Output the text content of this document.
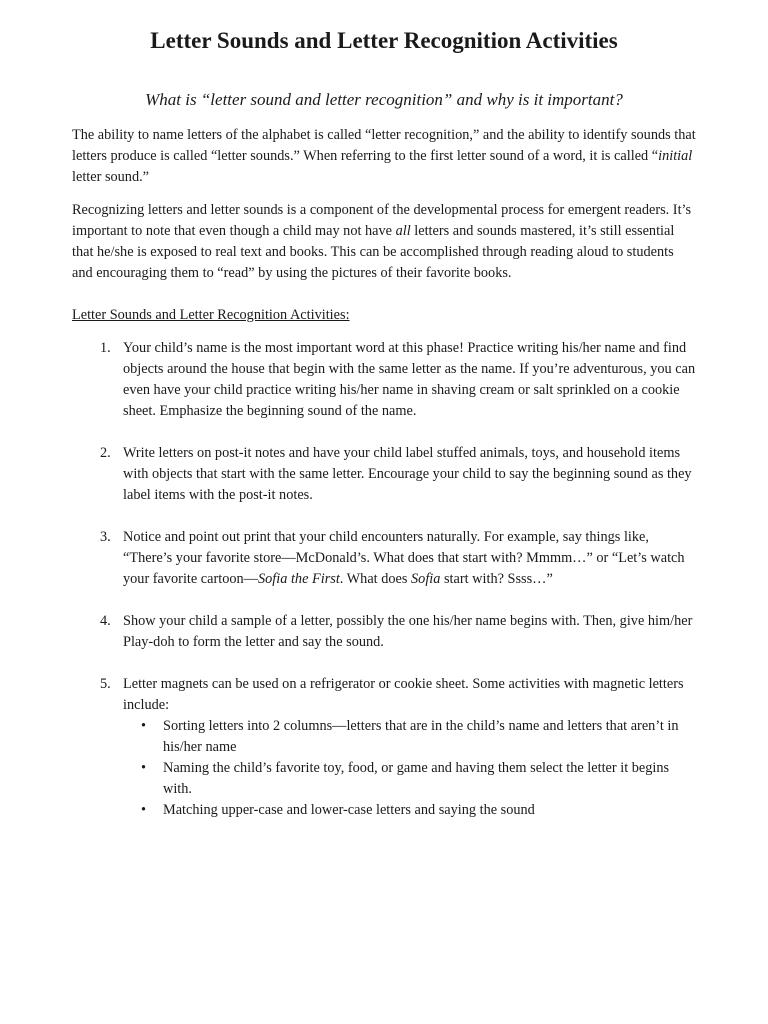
Letter Sounds and Letter Recognition Activities
What is “letter sound and letter recognition” and why is it important?

The ability to name letters of the alphabet is called “letter recognition,” and the ability to identify sounds that letters produce is called “letter sounds.” When referring to the first letter sound of a word, it is called “initial letter sound.”

Recognizing letters and letter sounds is a component of the developmental process for emergent readers. It’s important to note that even though a child may not have all letters and sounds mastered, it’s still essential that he/she is exposed to real text and books. This can be accomplished through reading aloud to students and encouraging them to “read” by using the pictures of their favorite books.

Letter Sounds and Letter Recognition Activities:
1. Your child’s name is the most important word at this phase! Practice writing his/her name and find objects around the house that begin with the same letter as the name. If you’re adventurous, you can even have your child practice writing his/her name in shaving cream or salt sprinkled on a cookie sheet. Emphasize the beginning sound of the name.
2. Write letters on post-it notes and have your child label stuffed animals, toys, and household items with objects that start with the same letter. Encourage your child to say the beginning sound as they label items with the post-it notes.
3. Notice and point out print that your child encounters naturally. For example, say things like, “There’s your favorite store—McDonald’s. What does that start with? Mmmm…” or “Let’s watch your favorite cartoon—Sofia the First. What does Sofia start with? Ssss…”
4. Show your child a sample of a letter, possibly the one his/her name begins with. Then, give him/her Play-doh to form the letter and say the sound.
5. Letter magnets can be used on a refrigerator or cookie sheet. Some activities with magnetic letters include:
• Sorting letters into 2 columns—letters that are in the child’s name and letters that aren’t in his/her name
• Naming the child’s favorite toy, food, or game and having them select the letter it begins with.
• Matching upper-case and lower-case letters and saying the sound
